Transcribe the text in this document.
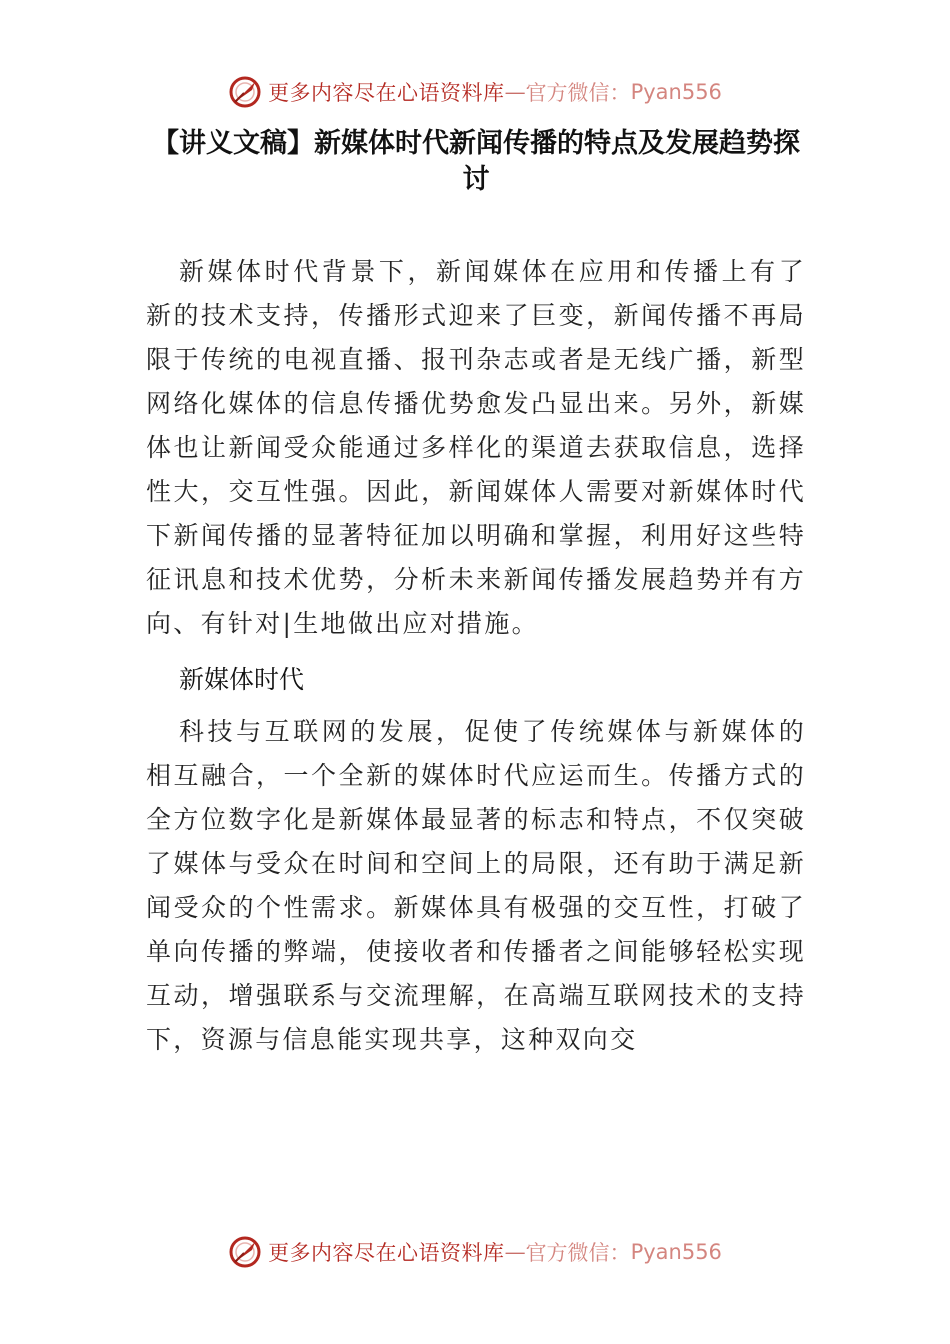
更多内容尽在心语资料库 — 官方微信： Pyan556
【讲义文稿】新媒体时代新闻传播的特点及发展趋势探讨

新媒体时代背景下，新闻媒体在应用和传播上有了新的技术支持，传播形式迎来了巨变，新闻传播不再局限于传统的电视直播、报刊杂志或者是无线广播，新型网络化媒体的信息传播优势愈发凸显出来。另外，新媒体也让新闻受众能通过多样化的渠道去获取信息，选择性大，交互性强。因此，新闻媒体人需要对新媒体时代下新闻传播的显著特征加以明确和掌握，利用好这些特征讯息和技术优势，分析未来新闻传播发展趋势并有方向、有针对|生地做出应对措施。

新媒体时代

科技与互联网的发展，促使了传统媒体与新媒体的相互融合，一个全新的媒体时代应运而生。传播方式的全方位数字化是新媒体最显著的标志和特点，不仅突破了媒体与受众在时间和空间上的局限，还有助于满足新闻受众的个性需求。新媒体具有极强的交互性，打破了单向传播的弊端，使接收者和传播者之间能够轻松实现互动，增强联系与交流理解，在高端互联网技术的支持下，资源与信息能实现共享，这种双向交

更多内容尽在心语资料库 — 官方微信： Pyan556
